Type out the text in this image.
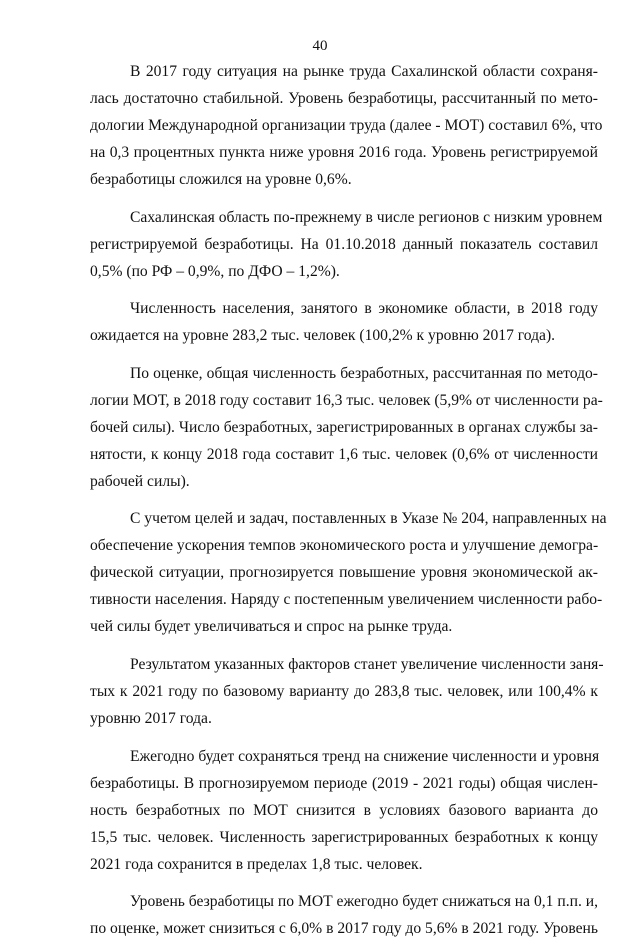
40
В 2017 году ситуация на рынке труда Сахалинской области сохраня-
лась достаточно стабильной. Уровень безработицы, рассчитанный по мето-
дологии Международной организации труда (далее - МОТ) составил 6%, что
на 0,3 процентных пункта ниже уровня 2016 года. Уровень регистрируемой
безработицы сложился на уровне 0,6%.
Сахалинская область по-прежнему в числе регионов с низким уровнем
регистрируемой безработицы. На 01.10.2018 данный показатель составил
0,5% (по РФ – 0,9%, по ДФО – 1,2%).
Численность населения, занятого в экономике области, в 2018 году
ожидается на уровне 283,2 тыс. человек (100,2% к уровню 2017 года).
По оценке, общая численность безработных, рассчитанная по методо-
логии МОТ, в 2018 году составит 16,3 тыс. человек (5,9% от численности ра-
бочей силы). Число безработных, зарегистрированных в органах службы за-
нятости, к концу 2018 года составит 1,6 тыс. человек (0,6% от численности
рабочей силы).
С учетом целей и задач, поставленных в Указе № 204, направленных на
обеспечение ускорения темпов экономического роста и улучшение демогра-
фической ситуации, прогнозируется повышение уровня экономической ак-
тивности населения. Наряду с постепенным увеличением численности рабо-
чей силы будет увеличиваться и спрос на рынке труда.
Результатом указанных факторов станет увеличение численности заня-
тых к 2021 году по базовому варианту до 283,8 тыс. человек, или 100,4% к
уровню 2017 года.
Ежегодно будет сохраняться тренд на снижение численности и уровня
безработицы. В прогнозируемом периоде (2019 - 2021 годы) общая числен-
ность безработных по МОТ снизится в условиях базового варианта до
15,5 тыс. человек. Численность зарегистрированных безработных к концу
2021 года сохранится в пределах 1,8 тыс. человек.
Уровень безработицы по МОТ ежегодно будет снижаться на 0,1 п.п. и,
по оценке, может снизиться с 6,0% в 2017 году до 5,6% в 2021 году. Уровень
